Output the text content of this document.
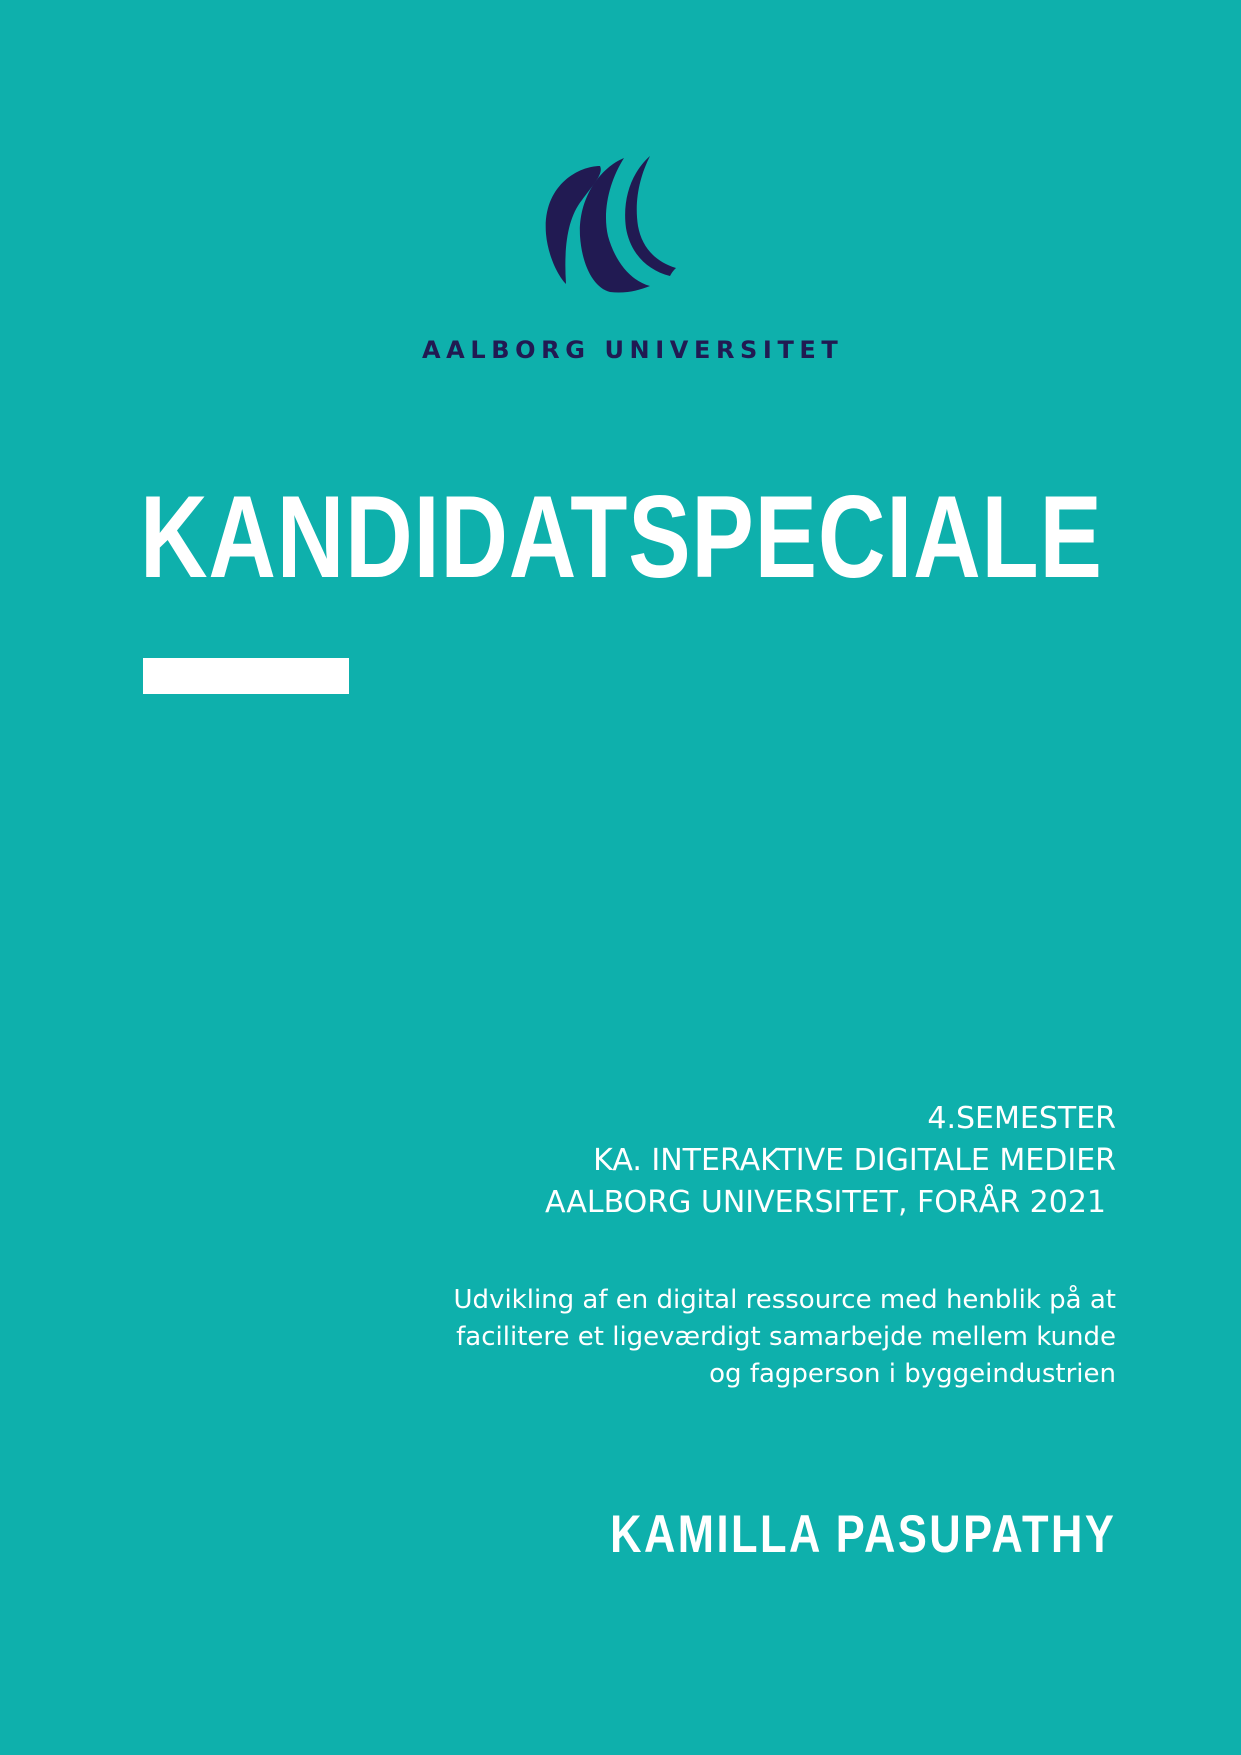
AALBORG UNIVERSITET
KANDIDATSPECIALE
4.SEMESTER
KA. INTERAKTIVE DIGITALE MEDIER
AALBORG UNIVERSITET, FORÅR 2021
Udvikling af en digital ressource med henblik på at
facilitere et ligeværdigt samarbejde mellem kunde
og fagperson i byggeindustrien
KAMILLA PASUPATHY
